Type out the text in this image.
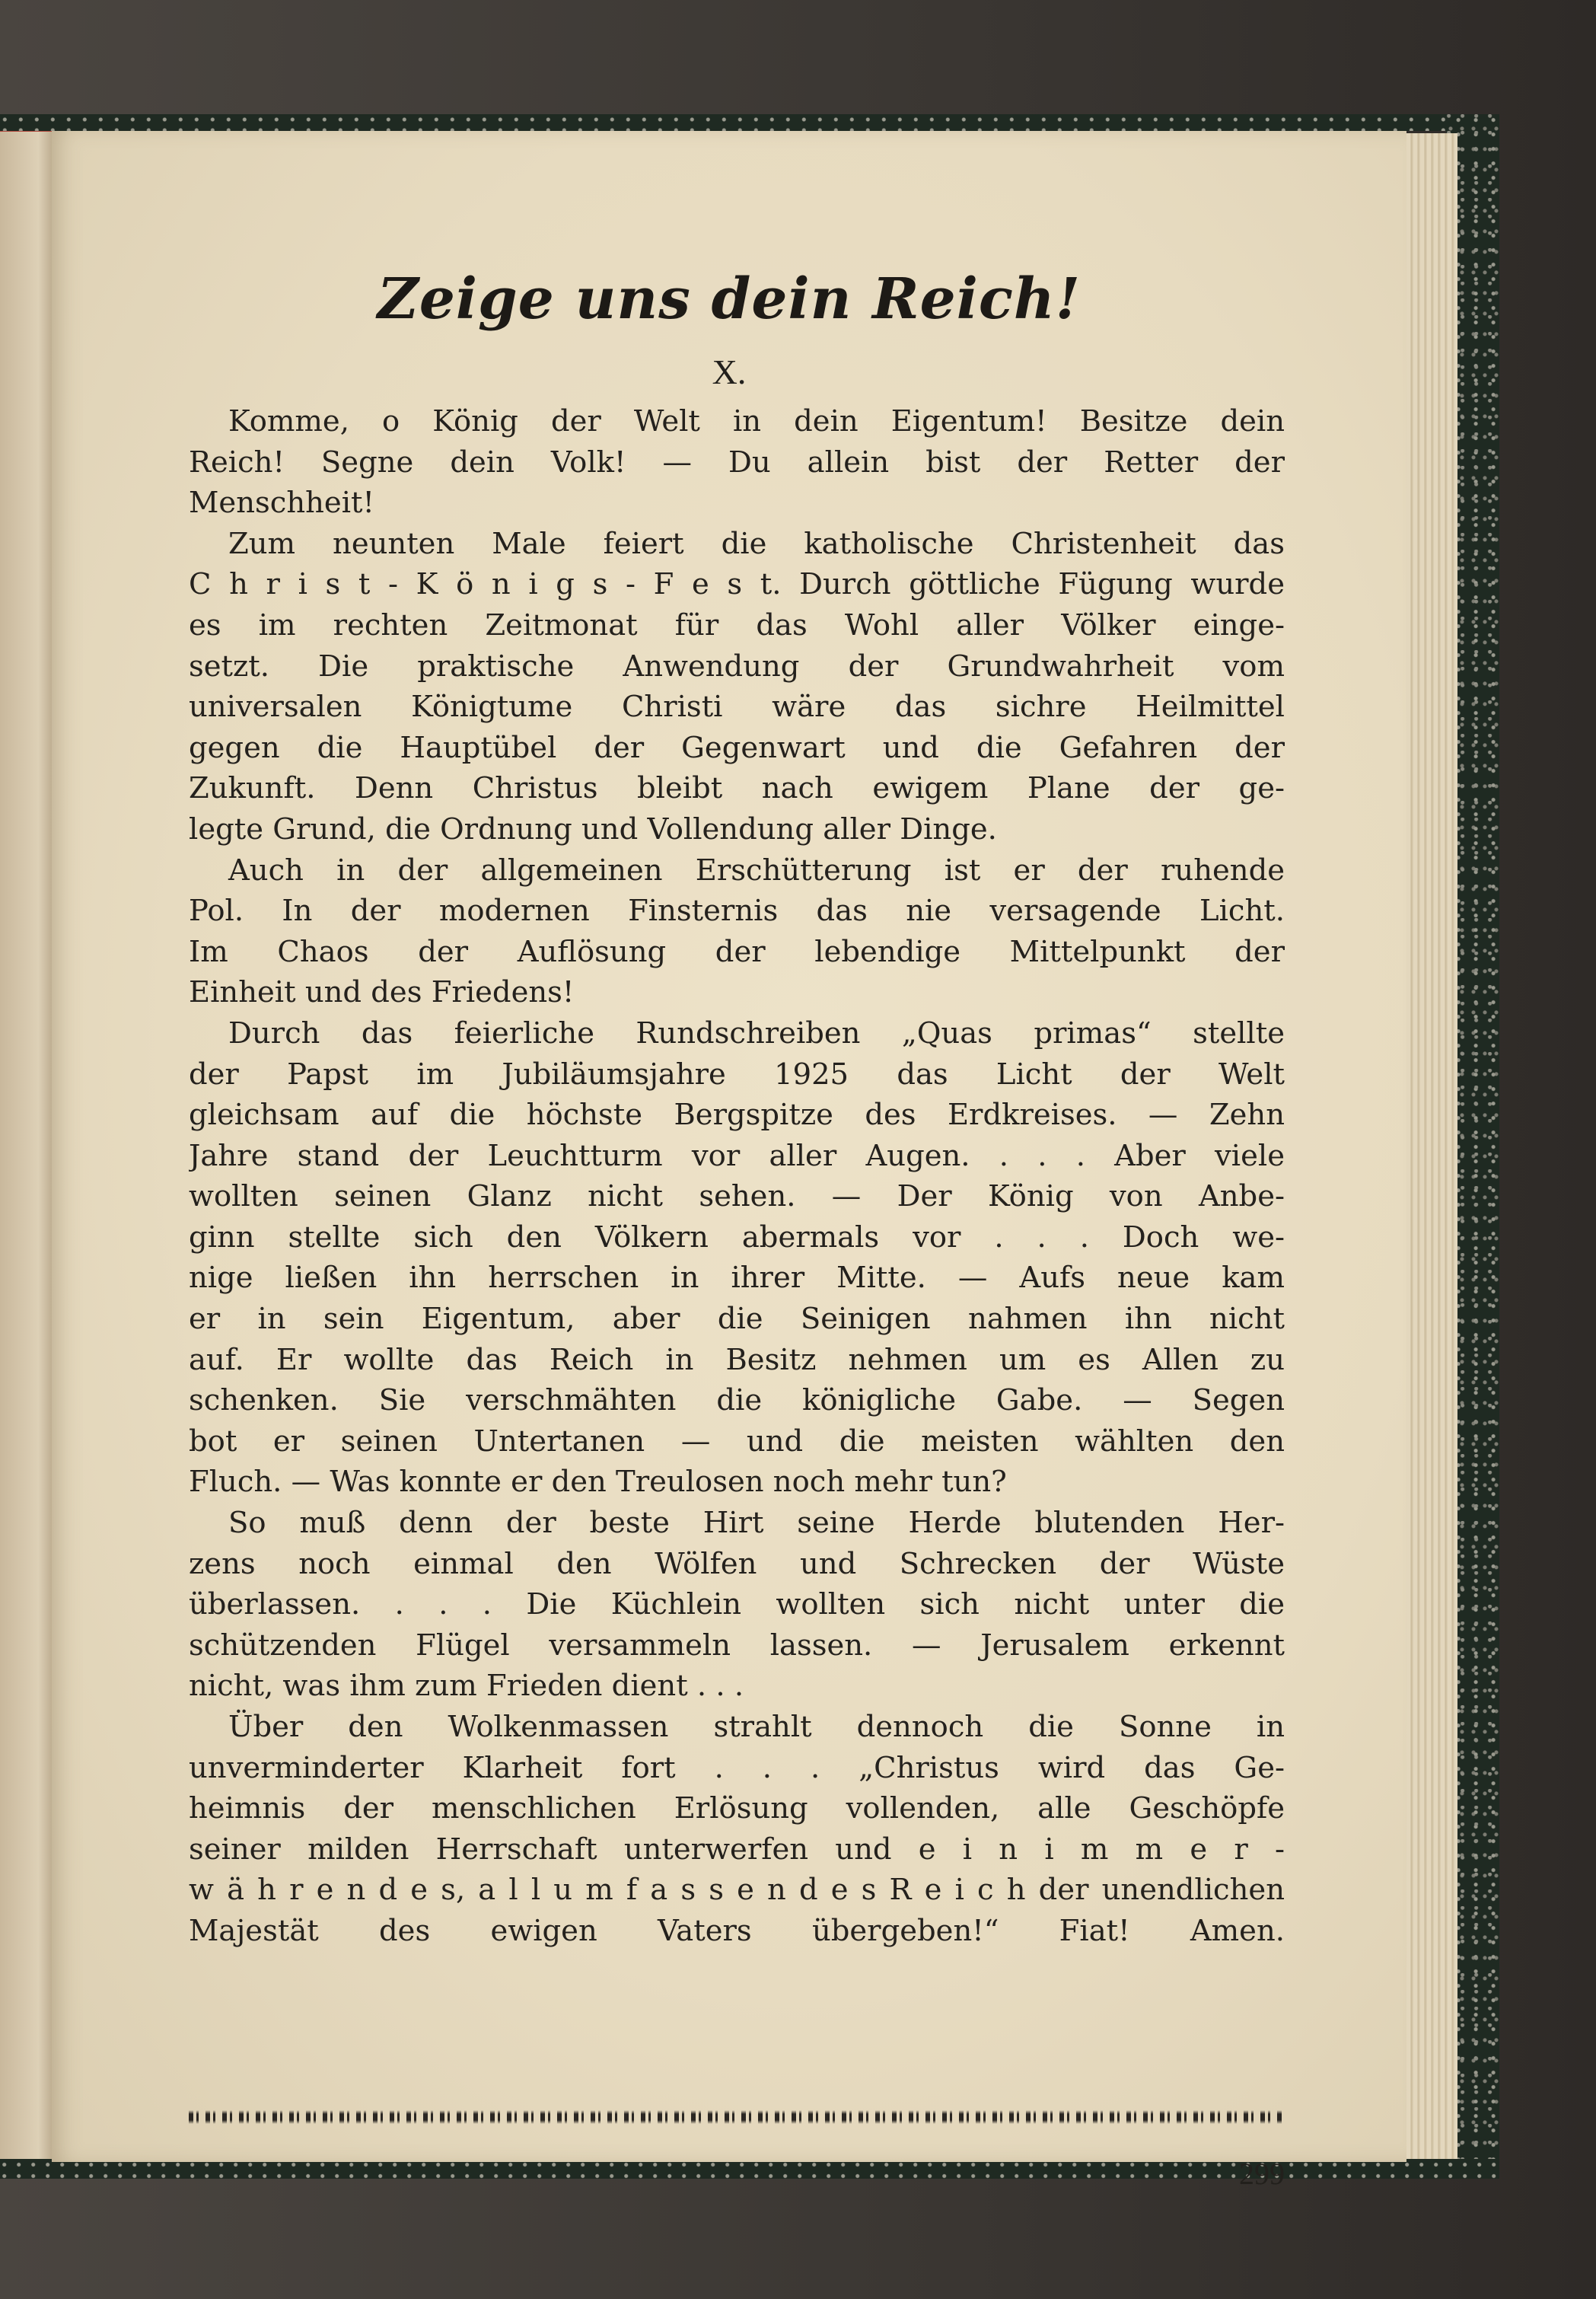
Zeige uns dein Reich!
X.
Komme, o König der Welt in dein Eigentum! Besitze dein
Reich! Segne dein Volk! — Du allein bist der Retter der
Menschheit!
Zum neunten Male feiert die katholische Christenheit das
C h r i s t - K ö n i g s - F e s t. Durch göttliche Fügung wurde
es im rechten Zeitmonat für das Wohl aller Völker einge-
setzt. Die praktische Anwendung der Grundwahrheit vom
universalen Königtume Christi wäre das sichre Heilmittel
gegen die Hauptübel der Gegenwart und die Gefahren der
Zukunft. Denn Christus bleibt nach ewigem Plane der ge-
legte Grund, die Ordnung und Vollendung aller Dinge.
Auch in der allgemeinen Erschütterung ist er der ruhende
Pol. In der modernen Finsternis das nie versagende Licht.
Im Chaos der Auflösung der lebendige Mittelpunkt der
Einheit und des Friedens!
Durch das feierliche Rundschreiben „Quas primas“ stellte
der Papst im Jubiläumsjahre 1925 das Licht der Welt
gleichsam auf die höchste Bergspitze des Erdkreises. — Zehn
Jahre stand der Leuchtturm vor aller Augen. . . . Aber viele
wollten seinen Glanz nicht sehen. — Der König von Anbe-
ginn stellte sich den Völkern abermals vor . . . Doch we-
nige ließen ihn herrschen in ihrer Mitte. — Aufs neue kam
er in sein Eigentum, aber die Seinigen nahmen ihn nicht
auf. Er wollte das Reich in Besitz nehmen um es Allen zu
schenken. Sie verschmähten die königliche Gabe. — Segen
bot er seinen Untertanen — und die meisten wählten den
Fluch. — Was konnte er den Treulosen noch mehr tun?
So muß denn der beste Hirt seine Herde blutenden Her-
zens noch einmal den Wölfen und Schrecken der Wüste
überlassen. . . . Die Küchlein wollten sich nicht unter die
schützenden Flügel versammeln lassen. — Jerusalem erkennt
nicht, was ihm zum Frieden dient . . .
Über den Wolkenmassen strahlt dennoch die Sonne in
unverminderter Klarheit fort . . . „Christus wird das Ge-
heimnis der menschlichen Erlösung vollenden, alle Geschöpfe
seiner milden Herrschaft unterwerfen und e i n i m m e r -
w ä h r e n d e s, a l l u m f a s s e n d e s R e i c h der unendlichen
Majestät des ewigen Vaters übergeben!“ Fiat! Amen.
299
